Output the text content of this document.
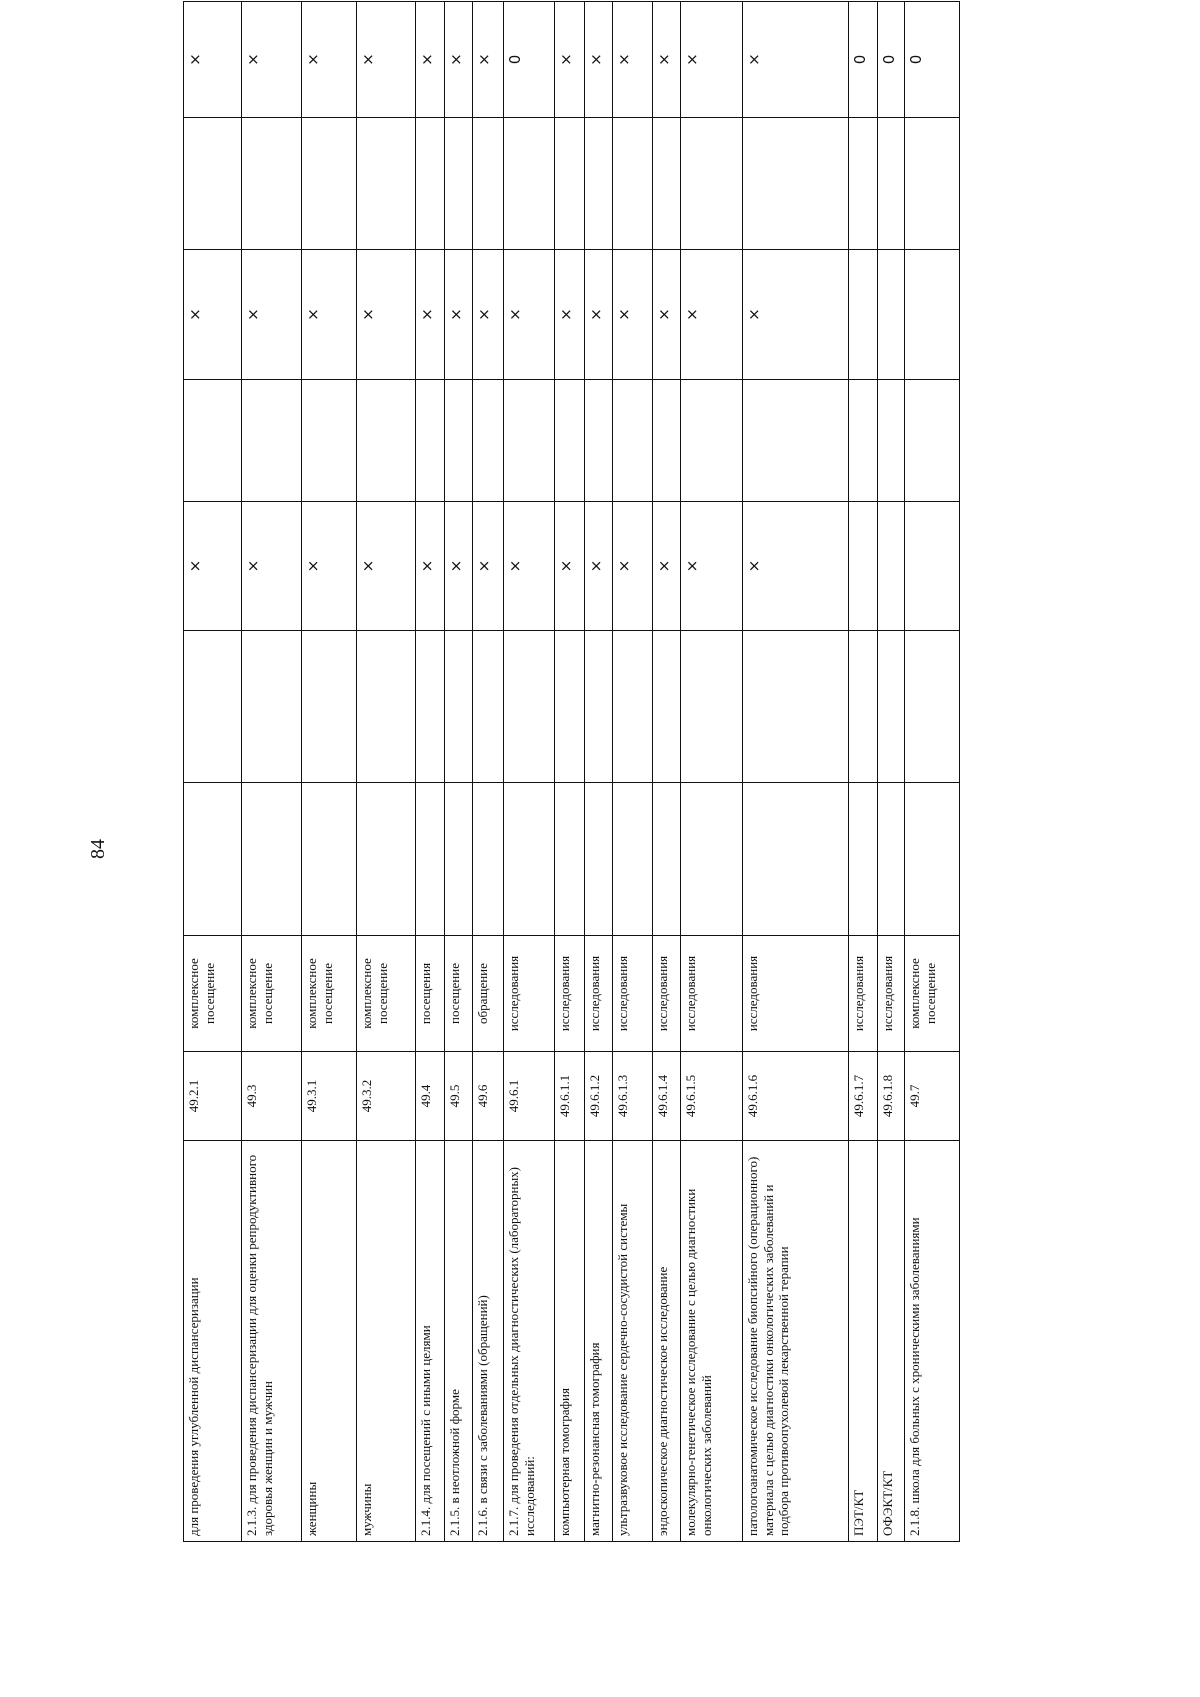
84
для проведения углубленной диспансеризации	49.2.1	комплексное посещение			×		×		×
2.1.3. для проведения диспансеризации для оценки репродуктивного здоровья женщин и мужчин	49.3	комплексное посещение			×		×		×
женщины	49.3.1	комплексное посещение			×		×		×
мужчины	49.3.2	комплексное посещение			×		×		×
2.1.4. для посещений с иными целями	49.4	посещения			×		×		×
2.1.5. в неотложной форме	49.5	посещение			×		×		×
2.1.6. в связи с заболеваниями (обращений)	49.6	обращение			×		×		×
2.1.7. для проведения отдельных диагностических (лабораторных) исследований:	49.6.1	исследования			×		×		0
компьютерная томография	49.6.1.1	исследования			×		×		×
магнитно-резонансная томография	49.6.1.2	исследования			×		×		×
ультразвуковое исследование сердечно-сосудистой системы	49.6.1.3	исследования			×		×		×
эндоскопическое диагностическое исследование	49.6.1.4	исследования			×		×		×
молекулярно-генетическое исследование с целью диагностики онкологических заболеваний	49.6.1.5	исследования			×		×		×
патологоанатомическое исследование биопсийного (операционного) материала с целью диагностики онкологических заболеваний и подбора противоопухолевой лекарственной терапии	49.6.1.6	исследования			×		×		×
ПЭТ/КТ	49.6.1.7	исследования							0
ОФЭКТ/КТ	49.6.1.8	исследования							0
2.1.8. школа для больных с хроническими заболеваниями	49.7	комплексное посещение							0
